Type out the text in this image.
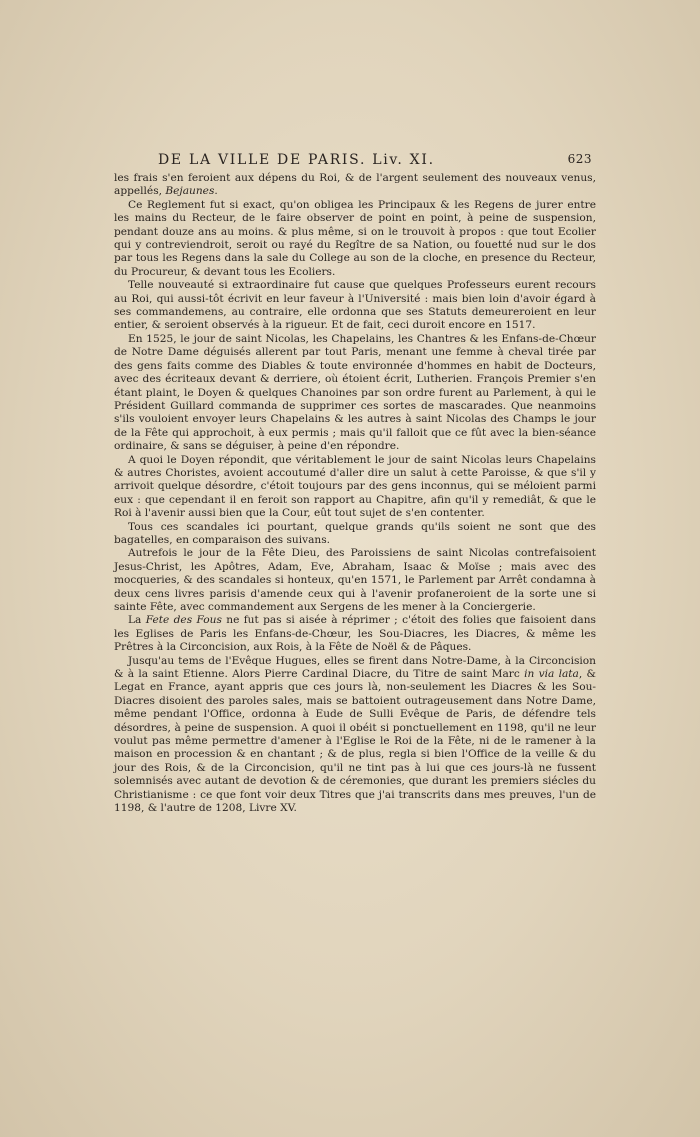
DE LA VILLE DE PARIS. Liv. XI.	623

les frais s'en feroient aux dépens du Roi, & de l'argent seulement des nouveaux venus, appellés, Bejaunes.

Ce Reglement fut si exact, qu'on obligea les Principaux & les Regens de jurer entre les mains du Recteur, de le faire observer de point en point, à peine de suspension, pendant douze ans au moins. & plus même, si on le trouvoit à propos : que tout Ecolier qui y contreviendroit, seroit ou rayé du Regître de sa Nation, ou fouetté nud sur le dos par tous les Regens dans la sale du College au son de la cloche, en presence du Recteur, du Procureur, & devant tous les Ecoliers.

Telle nouveauté si extraordinaire fut cause que quelques Professeurs eurent recours au Roi, qui aussi-tôt écrivit en leur faveur à l'Université : mais bien loin d'avoir égard à ses commandemens, au contraire, elle ordonna que ses Statuts demeureroient en leur entier, & seroient observés à la rigueur. Et de fait, ceci duroit encore en 1517.

En 1525, le jour de saint Nicolas, les Chapelains, les Chantres & les Enfans-de-Chœur de Notre Dame déguisés allerent par tout Paris, menant une femme à cheval tirée par des gens faits comme des Diables & toute environnée d'hommes en habit de Docteurs, avec des écriteaux devant & derriere, où étoient écrit, Lutherien. François Premier s'en étant plaint, le Doyen & quelques Chanoines par son ordre furent au Parlement, à qui le Président Guillard commanda de supprimer ces sortes de mascarades. Que neanmoins s'ils vouloient envoyer leurs Chapelains & les autres à saint Nicolas des Champs le jour de la Fête qui approchoit, à eux permis ; mais qu'il falloit que ce fût avec la bien-séance ordinaire, & sans se déguiser, à peine d'en répondre.

A quoi le Doyen répondit, que véritablement le jour de saint Nicolas leurs Chapelains & autres Choristes, avoient accoutumé d'aller dire un salut à cette Paroisse, & que s'il y arrivoit quelque désordre, c'étoit toujours par des gens inconnus, qui se méloient parmi eux : que cependant il en feroit son rapport au Chapitre, afin qu'il y remediât, & que le Roi à l'avenir aussi bien que la Cour, eût tout sujet de s'en contenter.

Tous ces scandales ici pourtant, quelque grands qu'ils soient ne sont que des bagatelles, en comparaison des suivans.

Autrefois le jour de la Fête Dieu, des Paroissiens de saint Nicolas contrefaisoient Jesus-Christ, les Apôtres, Adam, Eve, Abraham, Isaac & Moïse ; mais avec des mocqueries, & des scandales si honteux, qu'en 1571, le Parlement par Arrêt condamna à deux cens livres parisis d'amende ceux qui à l'avenir profaneroient de la sorte une si sainte Fête, avec commandement aux Sergens de les mener à la Conciergerie.

La Fete des Fous ne fut pas si aisée à réprimer ; c'étoit des folies que faisoient dans les Eglises de Paris les Enfans-de-Chœur, les Sou-Diacres, les Diacres, & même les Prêtres à la Circoncision, aux Rois, à la Fête de Noël & de Pâques.

Jusqu'au tems de l'Evêque Hugues, elles se firent dans Notre-Dame, à la Circoncision & à la saint Etienne. Alors Pierre Cardinal Diacre, du Titre de saint Marc in via lata, & Legat en France, ayant appris que ces jours là, non-seulement les Diacres & les Sou-Diacres disoient des paroles sales, mais se battoient outrageusement dans Notre Dame, même pendant l'Office, ordonna à Eude de Sulli Evêque de Paris, de défendre tels désordres, à peine de suspension. A quoi il obéit si ponctuellement en 1198, qu'il ne leur voulut pas même permettre d'amener à l'Eglise le Roi de la Fête, ni de le ramener à la maison en procession & en chantant ; & de plus, regla si bien l'Office de la veille & du jour des Rois, & de la Circoncision, qu'il ne tint pas à lui que ces jours-là ne fussent solemnisés avec autant de devotion & de céremonies, que durant les premiers siécles du Christianisme : ce que font voir deux Titres que j'ai transcrits dans mes preuves, l'un de 1198, & l'autre de 1208, Livre XV.
